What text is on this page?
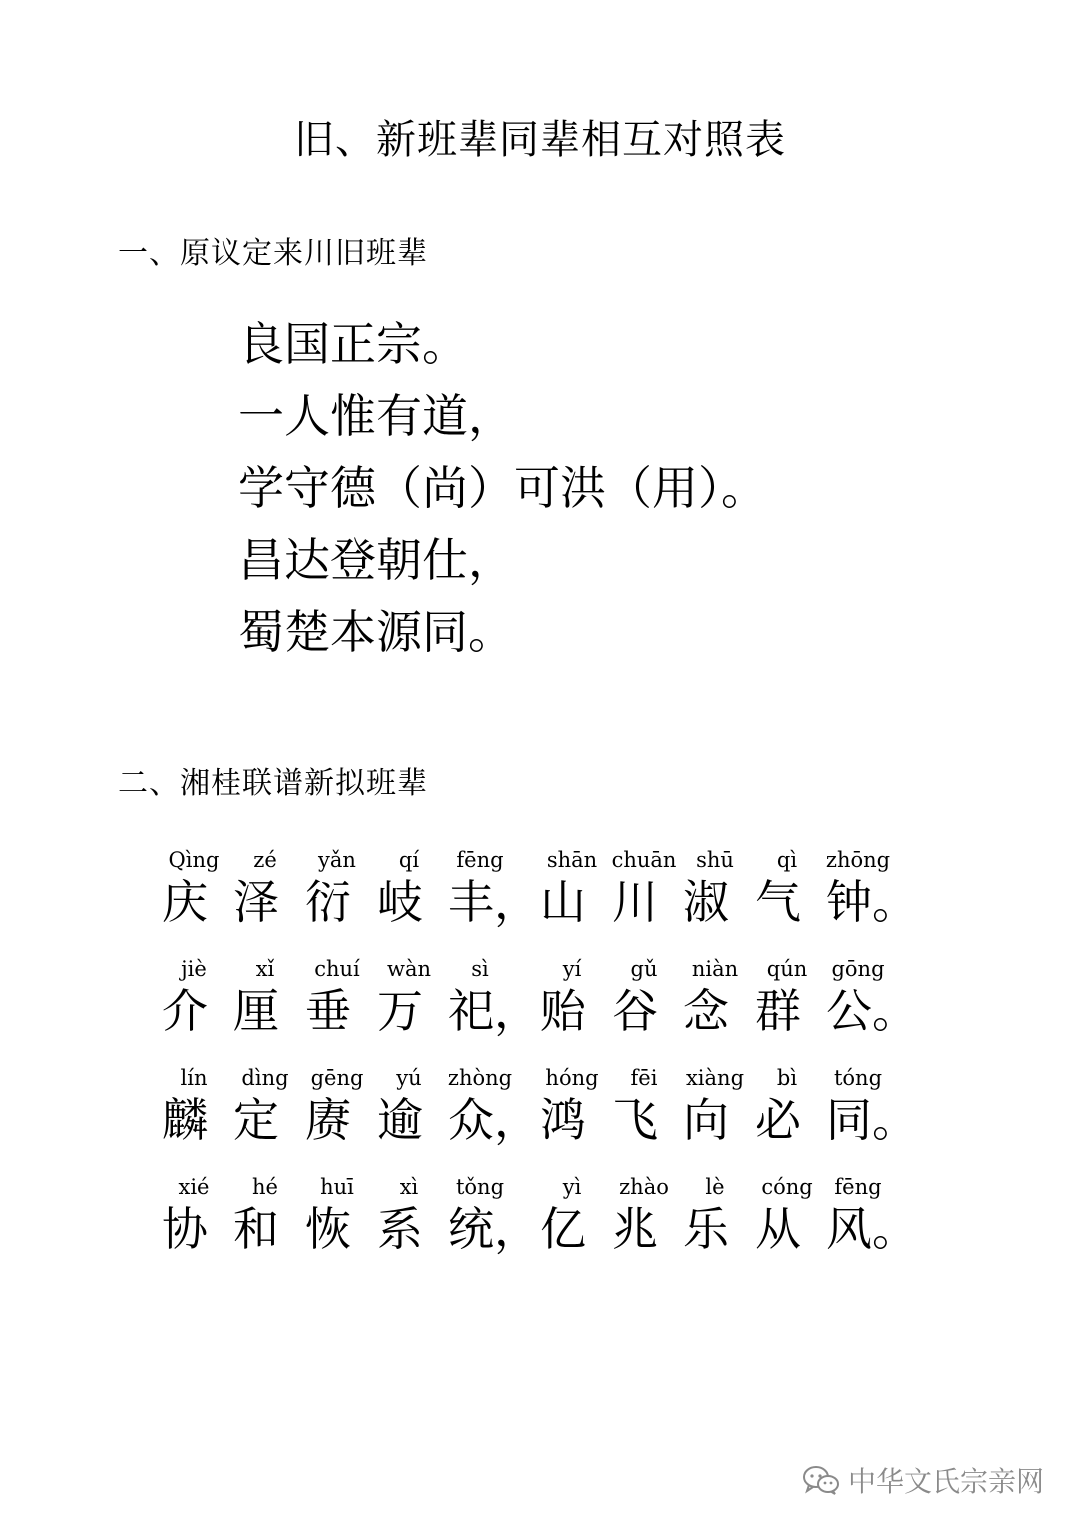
旧、新班辈同辈相互对照表
一、原议定来川旧班辈
良国正宗。
一人惟有道，
学守德（尚）可洪（用）。
昌达登朝仕，
蜀楚本源同。
二、湘桂联谱新拟班辈
Qìng
庆
zé
泽
yǎn
衍
qí
岐
fēng
丰，
shān
山
chuān
川
shū
淑
qì
气
zhōng
钟。
jiè
介
xǐ
厘
chuí
垂
wàn
万
sì
祀，
yí
贻
gǔ
谷
niàn
念
qún
群
gōng
公。
lín
麟
dìng
定
gēng
赓
yú
逾
zhòng
众，
hóng
鸿
fēi
飞
xiàng
向
bì
必
tóng
同。
xié
协
hé
和
huī
恢
xì
系
tǒng
统，
yì
亿
zhào
兆
lè
乐
cóng
从
fēng
风。
中华文氏宗亲网
